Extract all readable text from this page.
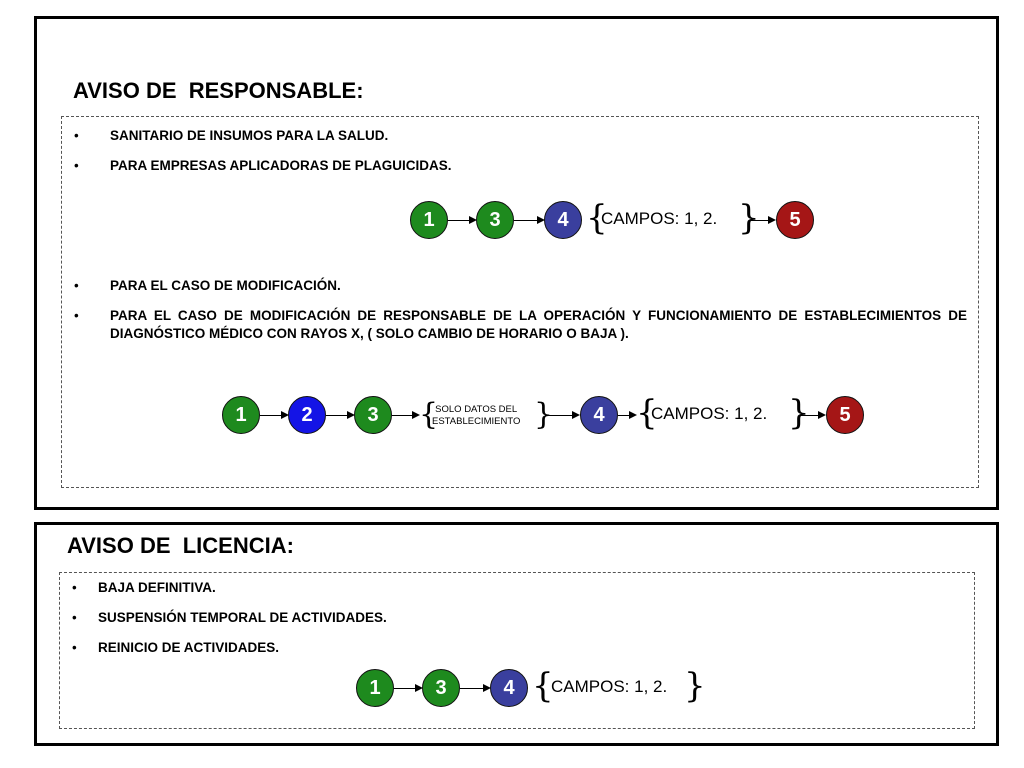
AVISO DE  RESPONSABLE:
• SANITARIO DE INSUMOS PARA LA SALUD.
• PARA EMPRESAS APLICADORAS DE PLAGUICIDAS.
1	3	4 {
CAMPOS: 1, 2. }	5
• PARA EL CASO DE MODIFICACIÓN.
• PARA EL CASO DE MODIFICACIÓN DE RESPONSABLE DE LA OPERACIÓN Y FUNCIONAMIENTO DE ESTABLECIMIENTOS DE DIAGNÓSTICO MÉDICO CON RAYOS X, ( SOLO CAMBIO DE HORARIO O BAJA ).
1	2	3	{
SOLO DATOS DEL
ESTABLECIMIENTO }	4 {
CAMPOS: 1, 2. }	5
AVISO DE  LICENCIA:
• BAJA DEFINITIVA.
• SUSPENSIÓN TEMPORAL DE ACTIVIDADES.
• REINICIO DE ACTIVIDADES.
1	3	4 {
CAMPOS: 1, 2. }
